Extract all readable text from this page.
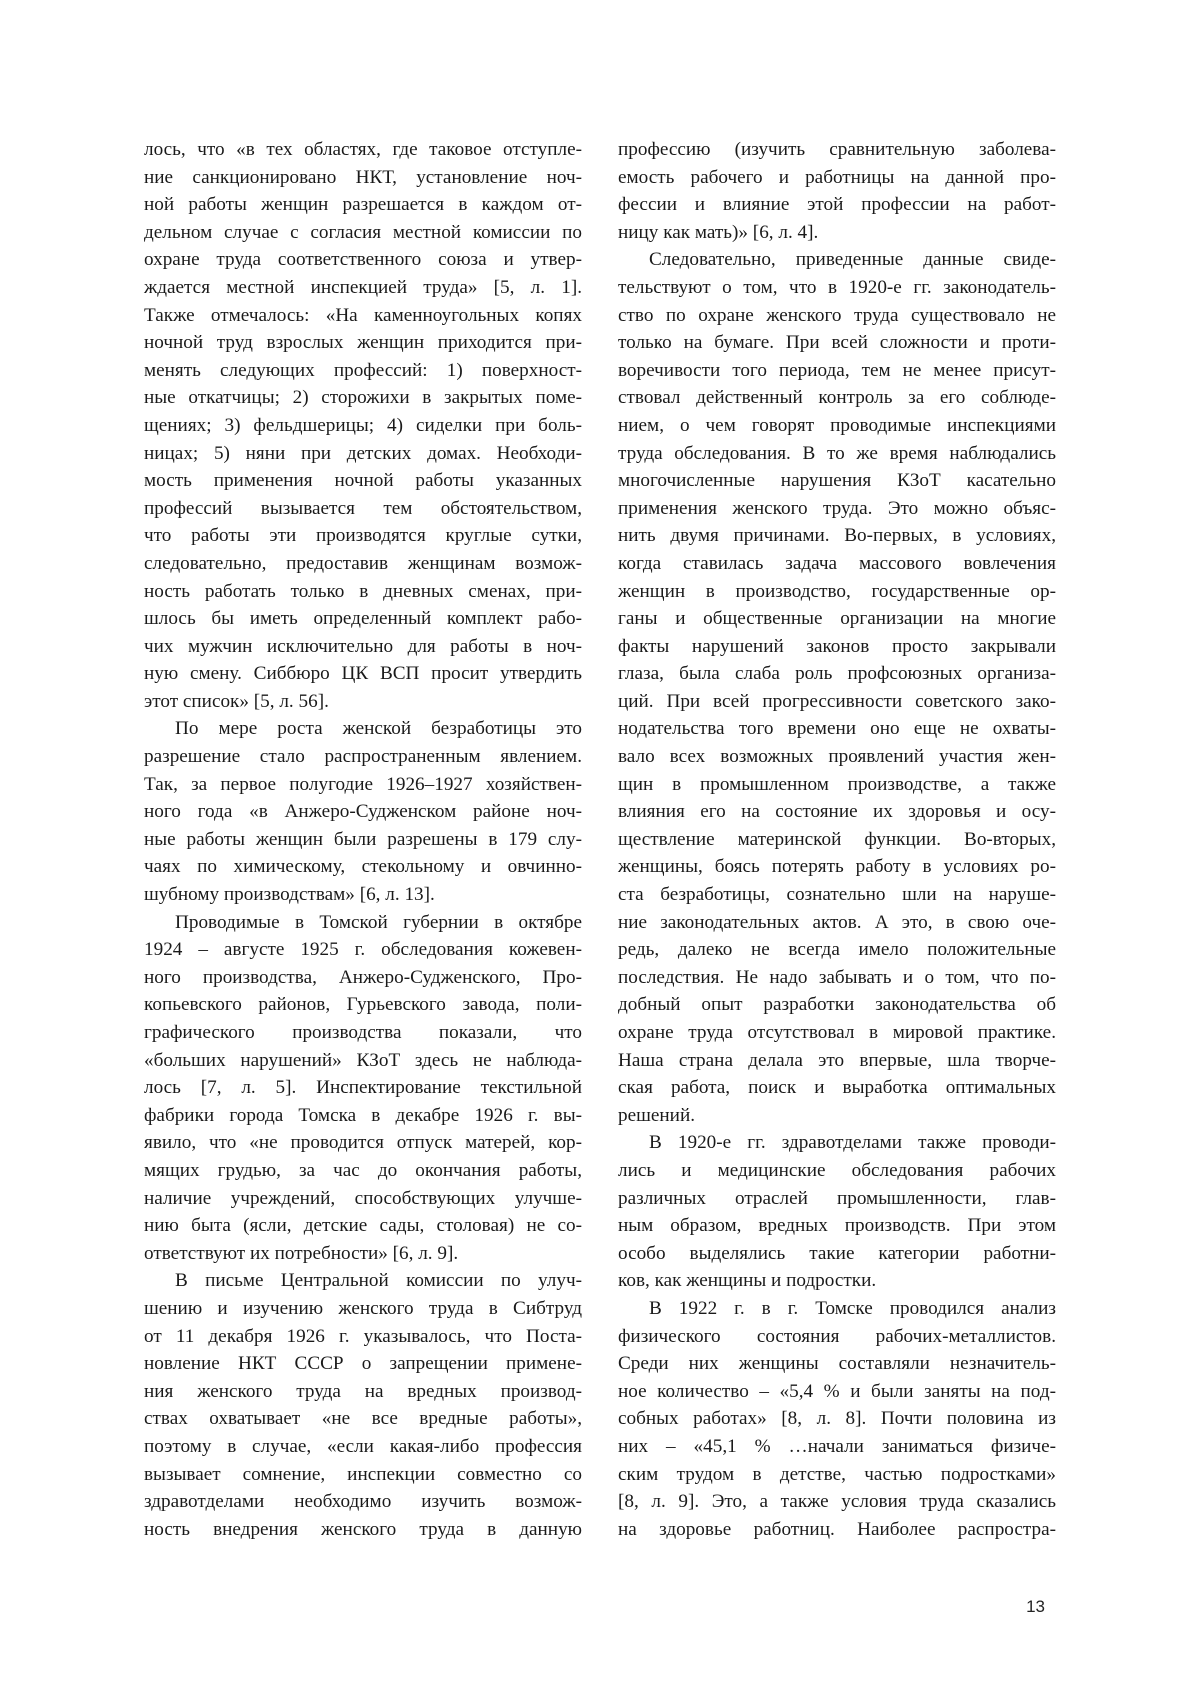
лось, что «в тех областях, где таковое отступле-
ние санкционировано НКТ, установление ноч-
ной работы женщин разрешается в каждом от-
дельном случае с согласия местной комиссии по
охране труда соответственного союза и утвер-
ждается местной инспекцией труда» [5, л. 1].
Также отмечалось: «На каменноугольных копях
ночной труд взрослых женщин приходится при-
менять следующих профессий: 1) поверхност-
ные откатчицы; 2) сторожихи в закрытых поме-
щениях; 3) фельдшерицы; 4) сиделки при боль-
ницах; 5) няни при детских домах. Необходи-
мость применения ночной работы указанных
профессий вызывается тем обстоятельством,
что работы эти производятся круглые сутки,
следовательно, предоставив женщинам возмож-
ность работать только в дневных сменах, при-
шлось бы иметь определенный комплект рабо-
чих мужчин исключительно для работы в ноч-
ную смену. Сиббюро ЦК ВСП просит утвердить
этот список» [5, л. 56].
По мере роста женской безработицы это
разрешение стало распространенным явлением.
Так, за первое полугодие 1926–1927 хозяйствен-
ного года «в Анжеро-Судженском районе ноч-
ные работы женщин были разрешены в 179 слу-
чаях по химическому, стекольному и овчинно-
шубному производствам» [6, л. 13].
Проводимые в Томской губернии в октябре
1924 – августе 1925 г. обследования кожевен-
ного производства, Анжеро-Судженского, Про-
копьевского районов, Гурьевского завода, поли-
графического производства показали, что
«больших нарушений» КЗоТ здесь не наблюда-
лось [7, л. 5]. Инспектирование текстильной
фабрики города Томска в декабре 1926 г. вы-
явило, что «не проводится отпуск матерей, кор-
мящих грудью, за час до окончания работы,
наличие учреждений, способствующих улучше-
нию быта (ясли, детские сады, столовая) не со-
ответствуют их потребности» [6, л. 9].
В письме Центральной комиссии по улуч-
шению и изучению женского труда в Сибтруд
от 11 декабря 1926 г. указывалось, что Поста-
новление НКТ СССР о запрещении примене-
ния женского труда на вредных производ-
ствах охватывает «не все вредные работы»,
поэтому в случае, «если какая-либо профессия
вызывает сомнение, инспекции совместно со
здравотделами необходимо изучить возмож-
ность внедрения женского труда в данную
профессию (изучить сравнительную заболева-
емость рабочего и работницы на данной про-
фессии и влияние этой профессии на работ-
ницу как мать)» [6, л. 4].
Следовательно, приведенные данные свиде-
тельствуют о том, что в 1920-е гг. законодатель-
ство по охране женского труда существовало не
только на бумаге. При всей сложности и проти-
воречивости того периода, тем не менее присут-
ствовал действенный контроль за его соблюде-
нием, о чем говорят проводимые инспекциями
труда обследования. В то же время наблюдались
многочисленные нарушения КЗоТ касательно
применения женского труда. Это можно объяс-
нить двумя причинами. Во-первых, в условиях,
когда ставилась задача массового вовлечения
женщин в производство, государственные ор-
ганы и общественные организации на многие
факты нарушений законов просто закрывали
глаза, была слаба роль профсоюзных организа-
ций. При всей прогрессивности советского зако-
нодательства того времени оно еще не охваты-
вало всех возможных проявлений участия жен-
щин в промышленном производстве, а также
влияния его на состояние их здоровья и осу-
ществление материнской функции. Во-вторых,
женщины, боясь потерять работу в условиях ро-
ста безработицы, сознательно шли на наруше-
ние законодательных актов. А это, в свою оче-
редь, далеко не всегда имело положительные
последствия. Не надо забывать и о том, что по-
добный опыт разработки законодательства об
охране труда отсутствовал в мировой практике.
Наша страна делала это впервые, шла творче-
ская работа, поиск и выработка оптимальных
решений.
В 1920-е гг. здравотделами также проводи-
лись и медицинские обследования рабочих
различных отраслей промышленности, глав-
ным образом, вредных производств. При этом
особо выделялись такие категории работни-
ков, как женщины и подростки.
В 1922 г. в г. Томске проводился анализ
физического состояния рабочих-металлистов.
Среди них женщины составляли незначитель-
ное количество – «5,4 % и были заняты на под-
собных работах» [8, л. 8]. Почти половина из
них – «45,1 % …начали заниматься физиче-
ским трудом в детстве, частью подростками»
[8, л. 9]. Это, а также условия труда сказались
на здоровье работниц. Наиболее распростра-
13
